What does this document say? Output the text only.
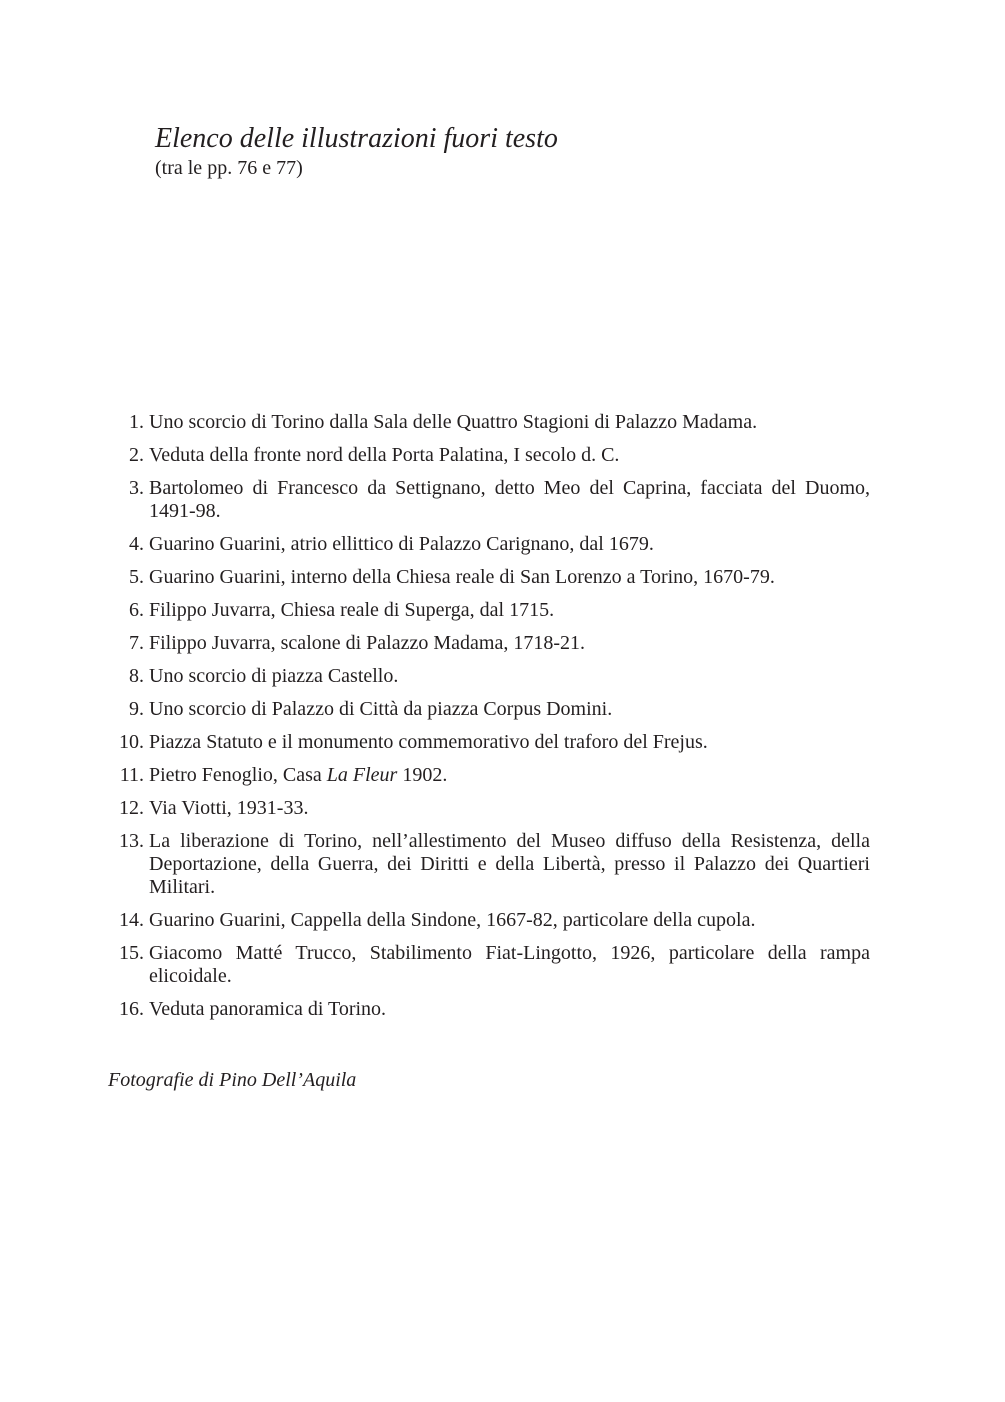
Elenco delle illustrazioni fuori testo

(tra le pp. 76 e 77)

1. Uno scorcio di Torino dalla Sala delle Quattro Stagioni di Palazzo Madama.
2. Veduta della fronte nord della Porta Palatina, I secolo d. C.
3. Bartolomeo di Francesco da Settignano, detto Meo del Caprina, facciata del Duomo, 1491-98.
4. Guarino Guarini, atrio ellittico di Palazzo Carignano, dal 1679.
5. Guarino Guarini, interno della Chiesa reale di San Lorenzo a Torino, 1670-79.
6. Filippo Juvarra, Chiesa reale di Superga, dal 1715.
7. Filippo Juvarra, scalone di Palazzo Madama, 1718-21.
8. Uno scorcio di piazza Castello.
9. Uno scorcio di Palazzo di Città da piazza Corpus Domini.
10. Piazza Statuto e il monumento commemorativo del traforo del Frejus.
11. Pietro Fenoglio, Casa La Fleur 1902.
12. Via Viotti, 1931-33.
13. La liberazione di Torino, nell’allestimento del Museo diffuso della Resistenza, della Deportazione, della Guerra, dei Diritti e della Libertà, presso il Palazzo dei Quartieri Militari.
14. Guarino Guarini, Cappella della Sindone, 1667-82, particolare della cupola.
15. Giacomo Matté Trucco, Stabilimento Fiat-Lingotto, 1926, particolare della rampa elicoidale.
16. Veduta panoramica di Torino.

Fotografie di Pino Dell’Aquila
